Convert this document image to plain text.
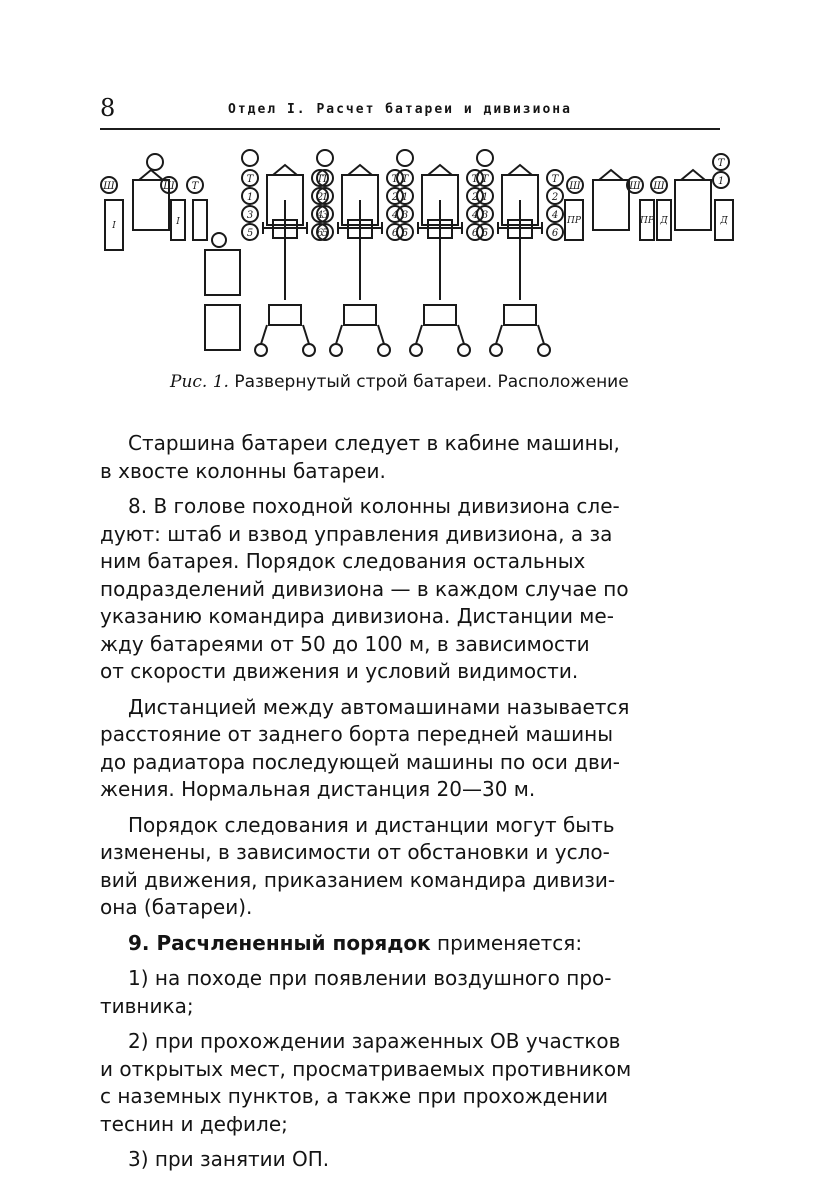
8	Отдел I. Расчет батареи и дивизиона
I
Ш	Ш
I
Т
Т
1
3
5
Т
2
4
6
Т
1
3
5
Т
2
4
6
Т
1
3
5
Т
2
4
6
Т
1
3
5
Т
2
4
6
Ш
ПР
Ш
ПР
Ш
Д
Т
1
Д
Рис. 1. Развернутый строй батареи. Расположение

Старшина батареи следует в кабине машины,

в хвосте колонны батареи.

8. В голове походной колонны дивизиона сле-

дуют: штаб и взвод управления дивизиона, а за

ним батарея. Порядок следования остальных

подразделений дивизиона — в каждом случае по

указанию командира дивизиона. Дистанции ме-

жду батареями от 50 до 100 м, в зависимости

от скорости движения и условий видимости.

Дистанцией между автомашинами называется

расстояние от заднего борта передней машины

до радиатора последующей машины по оси дви-

жения. Нормальная дистанция 20—30 м.

Порядок следования и дистанции могут быть

изменены, в зависимости от обстановки и усло-

вий движения, приказанием командира дивизи-

она (батареи).

9. Расчлененный порядок применяется:

1) на походе при появлении воздушного про-

тивника;

2) при прохождении зараженных ОВ участков

и открытых мест, просматриваемых противником

с наземных пунктов, а также при прохождении

теснин и дефиле;

3) при занятии ОП.
